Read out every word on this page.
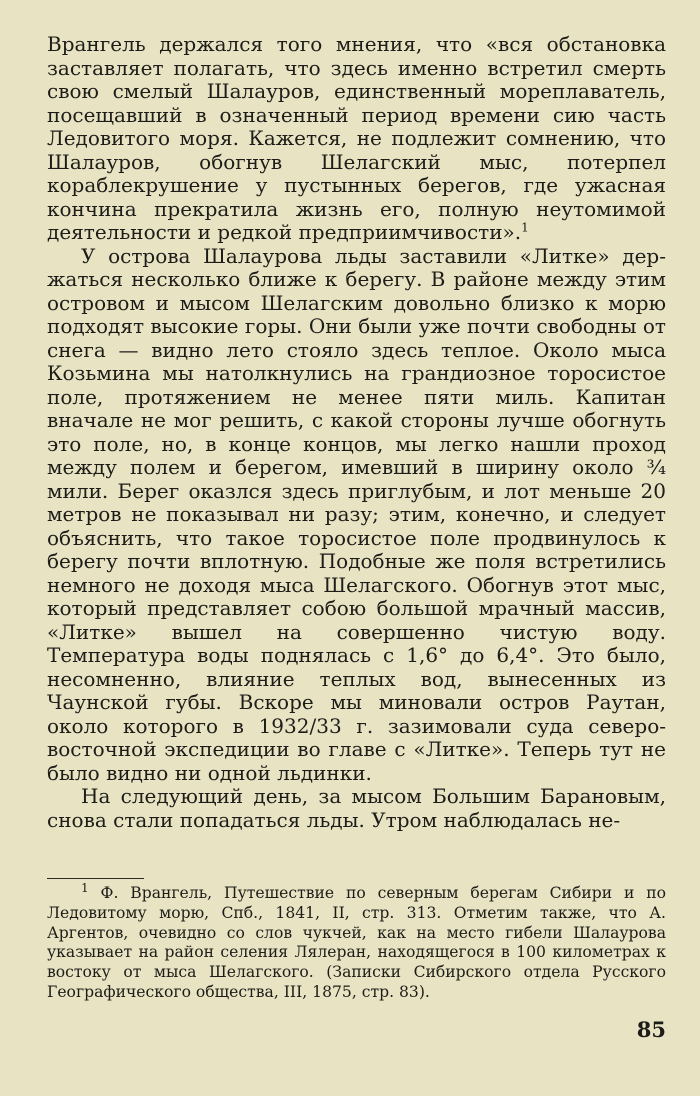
Врангель держался того мнения, что «вся обстановка заставляет полагать, что здесь именно встретил смерть свою смелый Шалауров, единственный мореплаватель, посещавший в означенный период времени сию часть Ледовитого моря. Кажется, не подлежит сомнению, что Шалауров, обогнув Шелагский мыс, потерпел кораблекрушение у пустынных берегов, где ужасная кончина прекратила жизнь его, полную неутомимой деятельности и редкой предприимчивости».$^1$

У острова Шалаурова льды заставили «Литке» держаться несколько ближе к берегу. В районе между этим островом и мысом Шелагским довольно близко к морю подходят высокие горы. Они были уже почти свободны от снега — видно лето стояло здесь теплое. Около мыса Козьмина мы натолкнулись на грандиозное торосистое поле, протяжением не менее пяти миль. Капитан вначале не мог решить, с какой стороны лучше обогнуть это поле, но, в конце концов, мы легко нашли проход между полем и берегом, имевший в ширину около ¾ мили. Берег оказлся здесь приглубым, и лот меньше 20 метров не показывал ни разу; этим, конечно, и следует объяснить, что такое торосистое поле продвинулось к берегу почти вплотную. Подобные же поля встретились немного не доходя мыса Шелагского. Обогнув этот мыс, который представляет собою большой мрачный массив, «Литке» вышел на совершенно чистую воду. Температура воды поднялась с 1,6° до 6,4°. Это было, несомненно, влияние теплых вод, вынесенных из Чаунской губы. Вскоре мы миновали остров Раутан, около которого в 1932/33 г. зазимовали суда северо-восточной экспедиции во главе с «Литке». Теперь тут не было видно ни одной льдинки.

На следующий день, за мысом Большим Барановым, снова стали попадаться льды. Утром наблюдалась не-

$^1$ Ф. Врангель, Путешествие по северным берегам Сибири и по Ледовитому морю, Спб., 1841, II, стр. 313. Отметим также, что А. Аргентов, очевидно со слов чукчей, как на место гибели Шалаурова указывает на район селения Лялеран, находящегося в 100 километрах к востоку от мыса Шелагского. (Записки Сибирского отдела Русского Географического общества, III, 1875, стр. 83).

85
